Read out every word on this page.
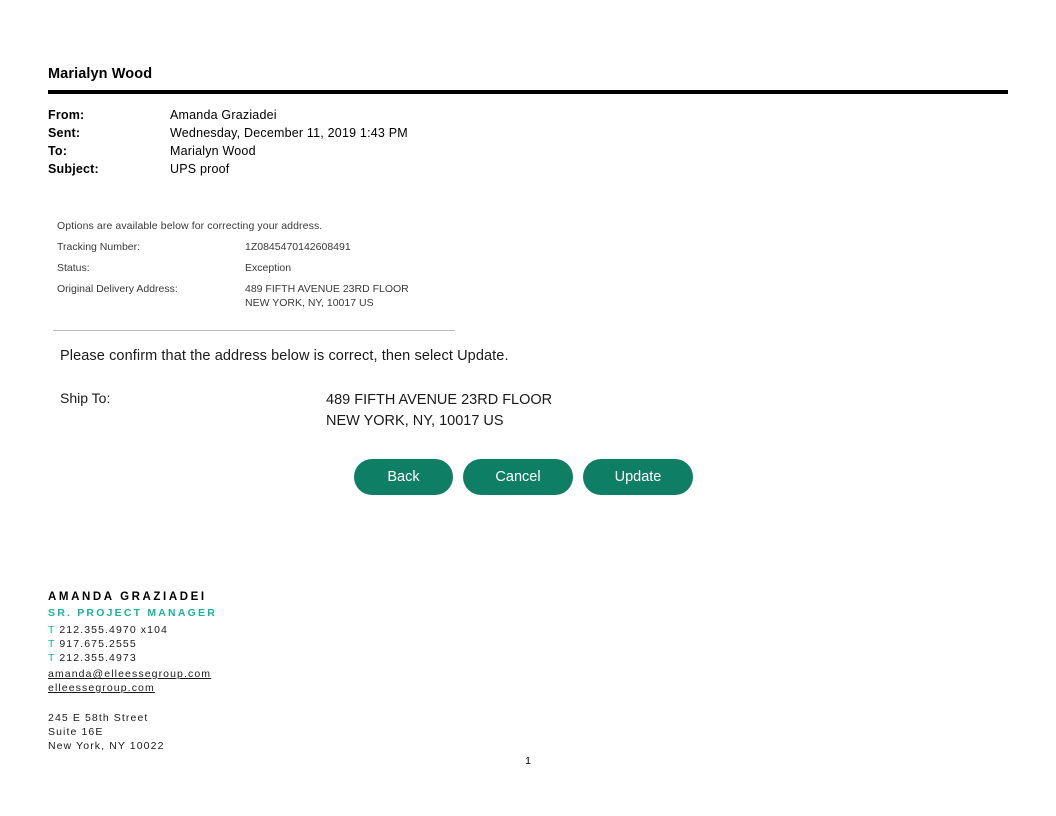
Marialyn Wood
From:	Amanda Graziadei
Sent:	Wednesday, December 11, 2019 1:43 PM
To:	Marialyn Wood
Subject:	UPS proof
Options are available below for correcting your address.
Tracking Number:	1Z0845470142608491
Status:	Exception
Original Delivery Address:	489 FIFTH AVENUE 23RD FLOOR
NEW YORK, NY, 10017 US
Please confirm that the address below is correct, then select Update.
Ship To:	489 FIFTH AVENUE 23RD FLOOR
NEW YORK, NY, 10017 US
Back	Cancel	Update
AMANDA GRAZIADEI
SR. PROJECT MANAGER
T 212.355.4970 x104
T 917.675.2555
T 212.355.4973
amanda@elleessegroup.com
elleessegroup.com
245 E 58th Street
Suite 16E
New York, NY 10022
1
